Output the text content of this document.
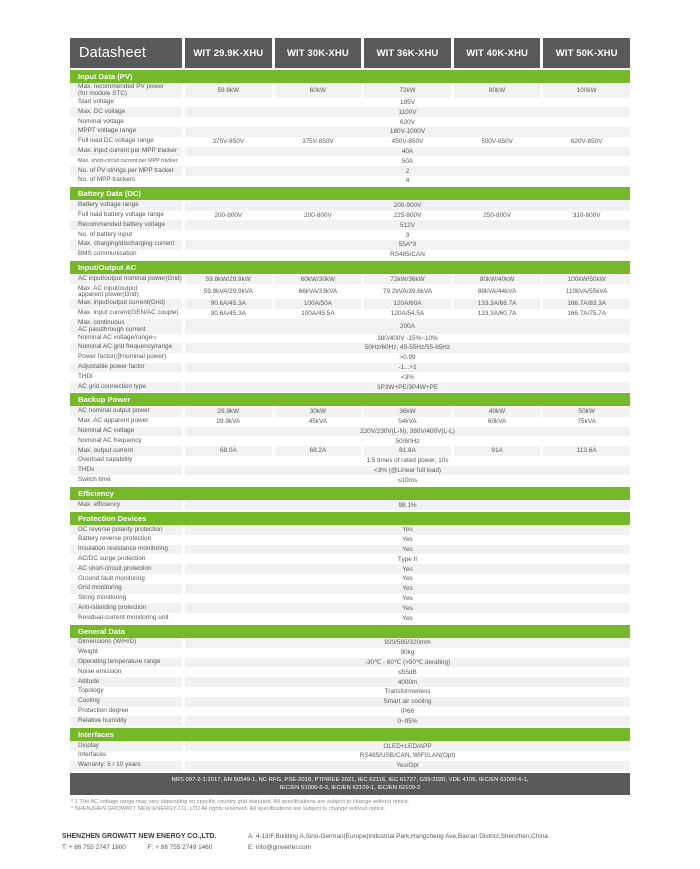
Datasheet	WIT 29.9K-XHU	WIT 30K-XHU	WIT 36K-XHU	WIT 40K-XHU	WIT 50K-XHU
Input Data (PV)
Max. recommended PV power
(for module STC)	59.8kW	60kW	72kW	80kW	100kW
Start voltage	195V
Max. DC voltage	1100V
Nominal voltage	620V
MPPT voltage range	180V-1000V
Full load DC voltage range	375V-850V	375V-850V	450V-850V	500V-850V	620V-850V
Max. input current per MPP tracker	40A
Max. short-circuit current per MPP tracker	50A
No. of PV strings per MPP tracker	2
No. of MPP trackers	4
Battery Data (DC)
Battery voltage range	200-900V
Full load battery voltage range	200-800V	200-800V	225-800V	250-800V	310-800V
Recommended battery voltage	512V
No. of battery input	3
Max. charging/discharging current	55A*3
BMS communication	RS485/CAN
Input/Output AC
AC input/output nominal power(Grid)	59.8kW/29.9kW	60kW/30kW	72kW/36kW	80kW/40kW	100kW/50kW
Max. AC input/output
apparent power(Grid)	59.8kVA/29.9kVA	66kVA/33kVA	79.2kVA/39.6kVA	88kVA/44kVA	110kVA/55kVA
Max. input/output current(Grid)	90.6A/45.3A	100A/50A	120A/60A	133.3A/66.7A	166.7A/83.3A
Max. input current(GEN/AC couple)	90.6A/45.3A	100A/45.5A	120A/54.5A	133.3A/60.7A	166.7A/75.7A
Max. continuous
AC passthrough current	200A
Nominal AC voltage/range *1	380/400V -15%~10%
Nominal AC grid frequency/range	50Hz/60Hz, 45-55Hz/55-65Hz
Power factor(@nominal power)	>0.99
Adjustable power factor	-1...+1
THDi	<3%
AC grid connection type	3P3W+PE/3P4W+PE
Backup Power
AC nominal output power	29.9kW	30kW	36kW	40kW	50kW
Max. AC apparent power	29.9kVA	45kVA	54kVA	60kVA	75kVA
Nominal AC voltage	220V/230V(L-N), 380V/400V(L-L)
Nominal AC frequency	50/60Hz
Max. output current	68.0A	68.2A	81.8A	91A	113.6A
Overload capability	1.5 times of rated power, 10s
THDv	<3% (@Linear full load)
Switch time	≤10ms
Efficiency
Max. efficiency	98.1%
Protection Devices
DC reverse polarity protection	Yes
Battery reverse protection	Yes
Insulation resistance monitoring	Yes
AC/DC surge protection	Type II
AC short-circuit protection	Yes
Ground fault monitoring	Yes
Grid monitoring	Yes
String monitoring	Yes
Anti-islanding protection	Yes
Residual-current monitoring unit	Yes
General Data
Dimensions (W/H/D)	920/585/320mm
Weight	90kg
Operating temperature range	-30℃ - 60℃ (>50℃ derating)
Noise emission	≤55dB
Altitude	4000m
Topology	Transformerless
Cooling	Smart air cooling
Protection degree	IP66
Relative humidity	0~95%
Interfaces
Display	OLED+LED/APP
Interfaces	RS485/USB/CAN, WIFI/LAN(Opt)
Warranty: 5 / 10 years	Yes/Opt
NRS 097-2-1:2017, EN 50549-1, NC RFG, PSE-2018, PTPiREE-2021, IEC 62116, IEC 61727, G99:2020, VDE 4105, IEC/EN 61000-6-1,
IEC/EN 61000-6-3, IEC/EN 62109-1, IEC/EN 62109-2
* 1 The AC voltage range may vary depending on specific country grid standard. All specifications are subject to change without notice.
* SHENZHEN GROWATT NEW ENERGY CO.,LTD All rights reserved. All specifications are subject to change without notice.
SHENZHEN GROWATT NEW ENERGY CO.,LTD.	A: 4-13/F,Building A,Sino-German(Europe)Industrial Park,Hangcheng Ave,Bao'an District,Shenzhen,China
T: + 86 755 2747 1900	F: + 86 755 2749 1460	E: info@ginverter.com
